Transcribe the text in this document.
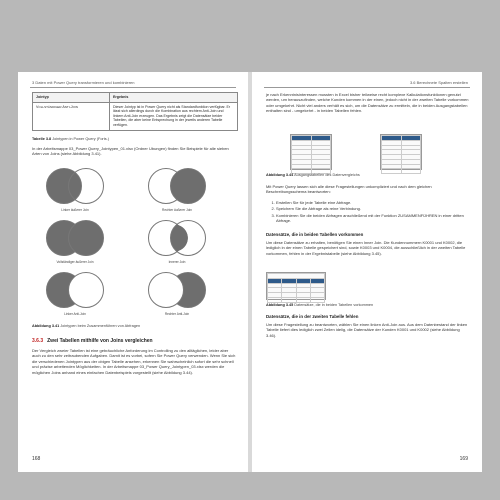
3 Daten mit Power Query transformieren und kombinieren
Jointyp	Ergebnis
Vollständiger Anti-Join	Dieser Jointyp ist in Power Query nicht als Standardfunktion verfügbar. Er lässt sich allerdings durch die Kombination aus rechtem Anti-Join und linkem Anti-Join erzeugen. Das Ergebnis zeigt die Datensätze beider Tabellen, die aber keine Entsprechung in der jeweils anderen Tabelle verfügen.
Tabelle 3.8 Jointypen in Power Query (Forts.)
In der Arbeitsmappe 03_Power Query_Jointypen_01.xlsx (Ordner Ubungen) finden Sie Beispiele für alle sieben Arten von Joins (siehe Abbildung 3.41).
Linker äußerer Join	Rechter äußerer Join
Vollständiger äußerer Join	Innerer Join
Linker Anti-Join	Rechter Anti-Join
Abbildung 3.41 Jointypen beim Zusammenführen von Abfragen
3.6.3 Zwei Tabellen mithilfe von Joins vergleichen
Der Vergleich zweier Tabellen ist eine gebräuchliche Anforderung im Controlling zu den alltäglichen, leider aber auch zu den sehr zeitraubenden Aufgaben. Damit ist es vorbei, sofern Sie Power Query verwenden. Wenn Sie sich die verschiedenen Jointypen aus der obigen Tabelle ansehen, erkennen Sie wahrscheinlich sofort die sehr schnell und präzise arbeitenden Möglichkeiten. In der Arbeitsmappe 03_Power Query_Jointypen_03.xlsx werden die möglichen Joins anhand eines einfachen Datenbeispiels vorgestellt (siehe Abbildung 3.44).
168
3.6 Berechnete Spalten erstellen
je nach Erkenntnisinteressen mussten in Excel bisher teilweise recht komplexe Kalkulationsfunktionen genutzt werden, um herauszufinden, welche Kunden kommen in der einen, jedoch nicht in der zweiten Tabelle vorkommen oder umgekehrt. Nicht viel anders verhält es sich, um die Datensätze zu ermitteln, die in beiden Ausgangstabellen enthalten sind - umgekehrt - in beiden Tabellen fehlen.

Abbildung 3.44 Ausgangstabellen des Datenvergleichs
Mit Power Query lassen sich alle diese Fragestellungen unkompliziert und nach dem gleichen Beschreibungsschema beantworten:
1. Erstellen Sie für jede Tabelle eine Abfrage.
2. Speichern Sie die Abfrage als reine Verbindung.
3. Kombinieren Sie die beiden Abfragen anschließend mit der Funktion ZUSAMMENFÜHREN in einer dritten Abfrage.
Datensätze, die in beiden Tabellen vorkommen
Um diese Datensätze zu erhalten, benötigen Sie einen Inner Join. Die Kundennummern K0001 und K0002, die lediglich in der einen Tabelle gespeichert sind, sowie K0003 und K0004, die ausschließlich in der zweiten Tabelle vorkommen, fehlen in der Ergebnistabelle (siehe Abbildung 3.45).

Abbildung 3.45 Datensätze, die in beiden Tabellen vorkommen
Datensätze, die in der zweiten Tabelle fehlen
Um diese Fragestellung zu beantworten, wählen Sie einen linken Anti-Join aus. Aus dem Datenbestand der linken Tabelle liefert dies lediglich zwei Zeilen idelig, die Datensätze der Kunden K0001 und K0002 (siehe Abbildung 3.46).
169
